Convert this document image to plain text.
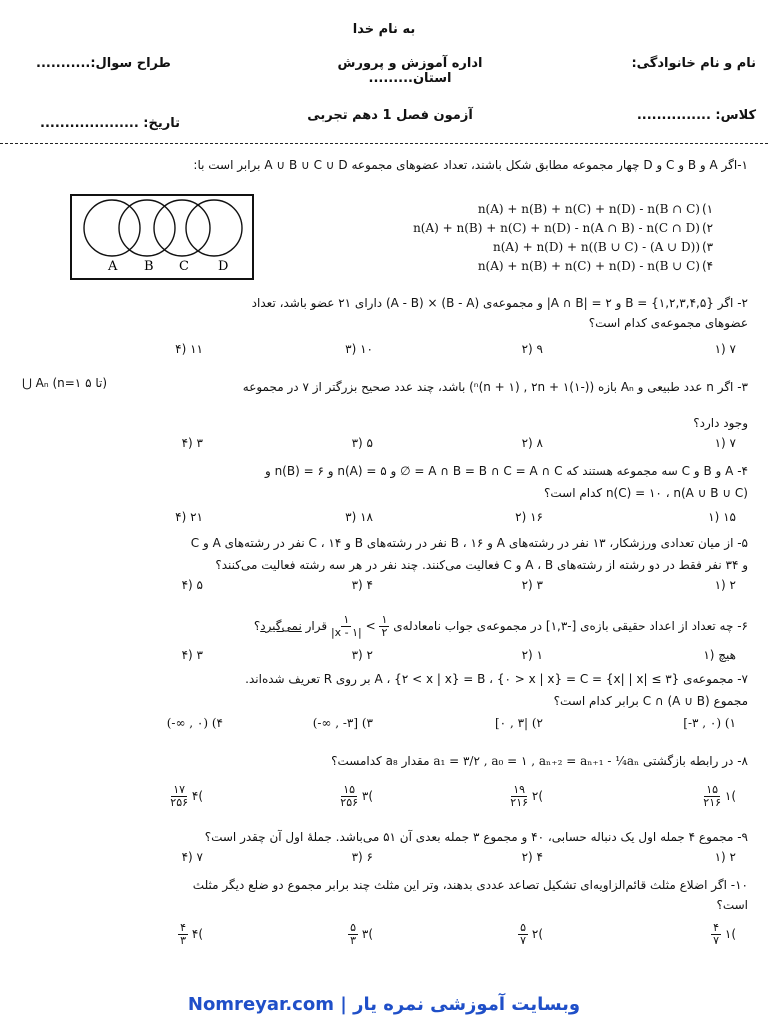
به نام خدا
نام و نام خانوادگی:
اداره آموزش و پرورش استان.........
طراح سوال:...........
کلاس: ...............
آزمون فصل 1 دهم تجربی
تاریخ: ....................
۱-اگر A و B و C و D چهار مجموعه مطابق شکل باشند، تعداد عضوهای مجموعه A ∪ B ∪ C ∪ D برابر است با:
A B C D
n(A) + n(B) + n(C) + n(D) - n(B ∩ C)
n(A) + n(B) + n(C) + n(D) - n(A ∩ B) - n(C ∩ D)
n(A) + n(D) + n((B ∪ C) - (A ∪ D))
n(A) + n(B) + n(C) + n(D) - n(B ∪ C)
(۱
(۲
(۳
(۴
۲- اگر B = {۱,۲,۳,۴,۵} و ۲ = |A ∩ B| و مجموعه‌ی (B - A) × (A - B) دارای ۲۱ عضو باشد، تعداد
عضوهای مجموعه‌ی کدام است؟
۷ (۱
۹ (۲
۱۰ (۳
۱۱ (۴
۳- اگر n عدد طبیعی و Aₙ بازه ((-۱)ⁿ(n + ۱) , ۲n + ۱) باشد، چند عدد صحیح بزرگتر از ۷ در مجموعه
⋃ Aₙ (n=۱ تا ۵)
وجود دارد؟
۷ (۱
۸ (۲
۵ (۳
۳ (۴
۴- A و B و C سه مجموعه هستند که A ∩ B = B ∩ C = A ∩ C = ∅ و n(A) = ۵ و n(B) = ۶ و
n(C) = ۱۰ ، n(A ∪ B ∪ C) کدام است؟
۱۵ (۱
۱۶ (۲
۱۸ (۳
۲۱ (۴
۵- از میان تعدادی ورزشکار، ۱۳ نفر در رشته‌های A و B ، ۱۶ نفر در رشته‌های B و C ، ۱۴ نفر در رشته‌های A و C
و ۳۴ نفر فقط در دو رشته از رشته‌های A ، B و C فعالیت می‌کنند. چند نفر در هر سه رشته فعالیت می‌کنند؟
۲ (۱
۳ (۲
۴ (۳
۵ (۴
۶- چه تعداد از اعداد حقیقی بازه‌ی [-۱,۳] در مجموعه‌ی جواب نامعادله‌ی
$\frac{۱}{۲}$
>
$\frac{۱}{|x - ۱|}$
قرار نمی‌گیرد؟
هیچ (۱
۱ (۲
۲ (۳
۳ (۴
۷- مجموعه‌ی {۳ ≥ |x| | x} = A ، {۲ < x | x} = B ، {۰ > x | x} = C بر روی R تعریف شده‌اند.
مجموع (A ∪ B) ∩ C برابر کدام است؟
[-۳ , ۰) (۱
[۰ , ۳| (۲
(-∞ , -۳] (۳
(-∞ , ۰) (۴
۸- در رابطه بازگشتی a₁ = ۳/۲ , a₀ = ۱ , aₙ₊₂ = aₙ₊₁ - ¼aₙ مقدار a₈ کدامست؟
$\frac{۱۵}{۲۱۶}$ ۱(
$\frac{۱۹}{۲۱۶}$ ۲(
$\frac{۱۵}{۲۵۶}$ ۳(
$\frac{۱۷}{۲۵۶}$ ۴(
۹- مجموع ۴ جمله اول یک دنباله حسابی، ۴۰ و مجموع ۳ جمله بعدی آن ۵۱ می‌باشد. جملهٔ اول آن چقدر است؟
۲ (۱
۴ (۲
۶ (۳
۷ (۴
۱۰- اگر اضلاع مثلث قائم‌الزاویه‌ای تشکیل تصاعد عددی بدهند، وتر این مثلث چند برابر مجموع دو ضلع دیگر مثلث
است؟
$\frac{۴}{۷}$ ۱(
$\frac{۵}{۷}$ ۲(
$\frac{۵}{۳}$ ۳(
$\frac{۴}{۳}$ ۴(
وبسایت آموزشی نمره یار | Nomreyar.com
